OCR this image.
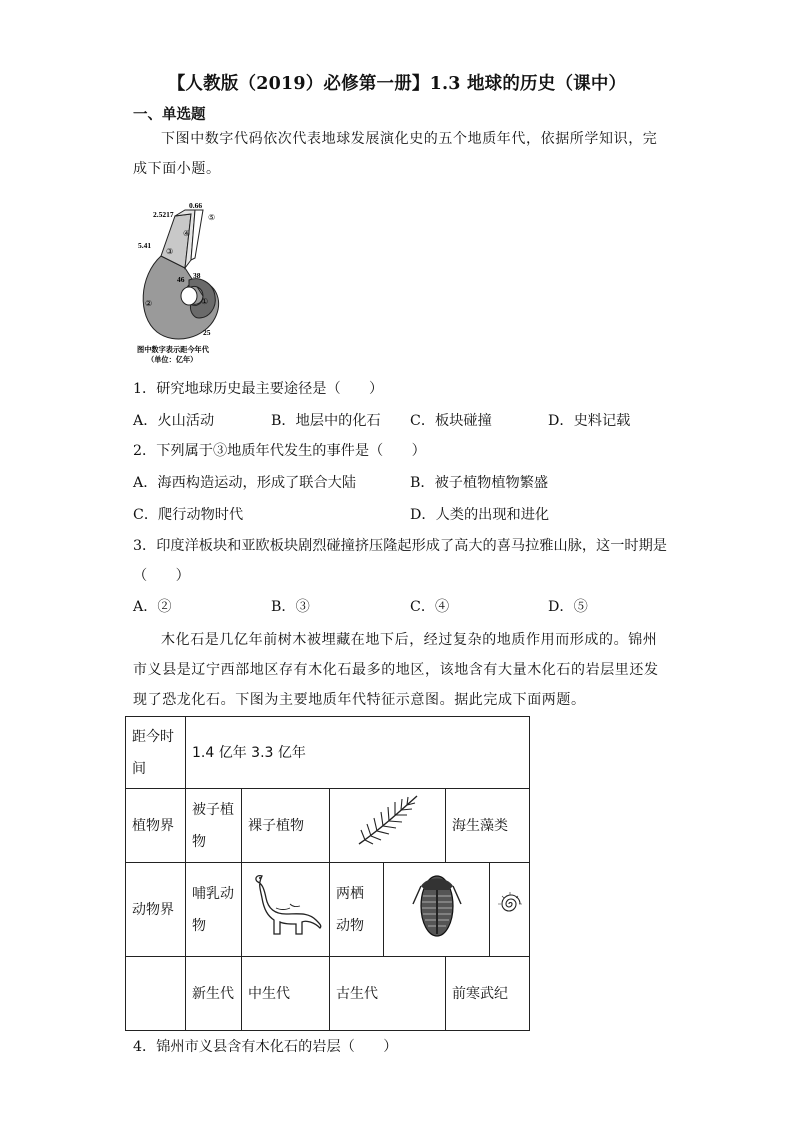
【人教版（2019）必修第一册】1.3 地球的历史（课中）
一、单选题
下图中数字代码依次代表地球发展演化史的五个地质年代，依据所学知识，完成下面小题。
0.66
2.5217
5.41
46 38
25
①
②
③
④
⑤
图中数字表示距今年代
（单位：亿年）
1．研究地球历史最主要途径是（　　）
A．火山活动	B．地层中的化石 C．板块碰撞	D．史料记载
2．下列属于③地质年代发生的事件是（　　）
A．海西构造运动，形成了联合大陆	B．被子植物植物繁盛
C．爬行动物时代	D．人类的出现和进化
3．印度洋板块和亚欧板块剧烈碰撞挤压隆起形成了高大的喜马拉雅山脉，这一时期是
（　　）
A．②	B．③	C．④	D．⑤
木化石是几亿年前树木被埋藏在地下后，经过复杂的地质作用而形成的。锦州市义县是辽宁西部地区存有木化石最多的地区，该地含有大量木化石的岩层里还发现了恐龙化石。下图为主要地质年代特征示意图。据此完成下面两题。
距今时间	1.4 亿年 3.3 亿年						
植物界	被子植物	裸子植物			海生藻类		
动物界	哺乳动物		两栖动物			
	新生代	中生代	古生代		前寒武纪		
4．锦州市义县含有木化石的岩层（　　）
